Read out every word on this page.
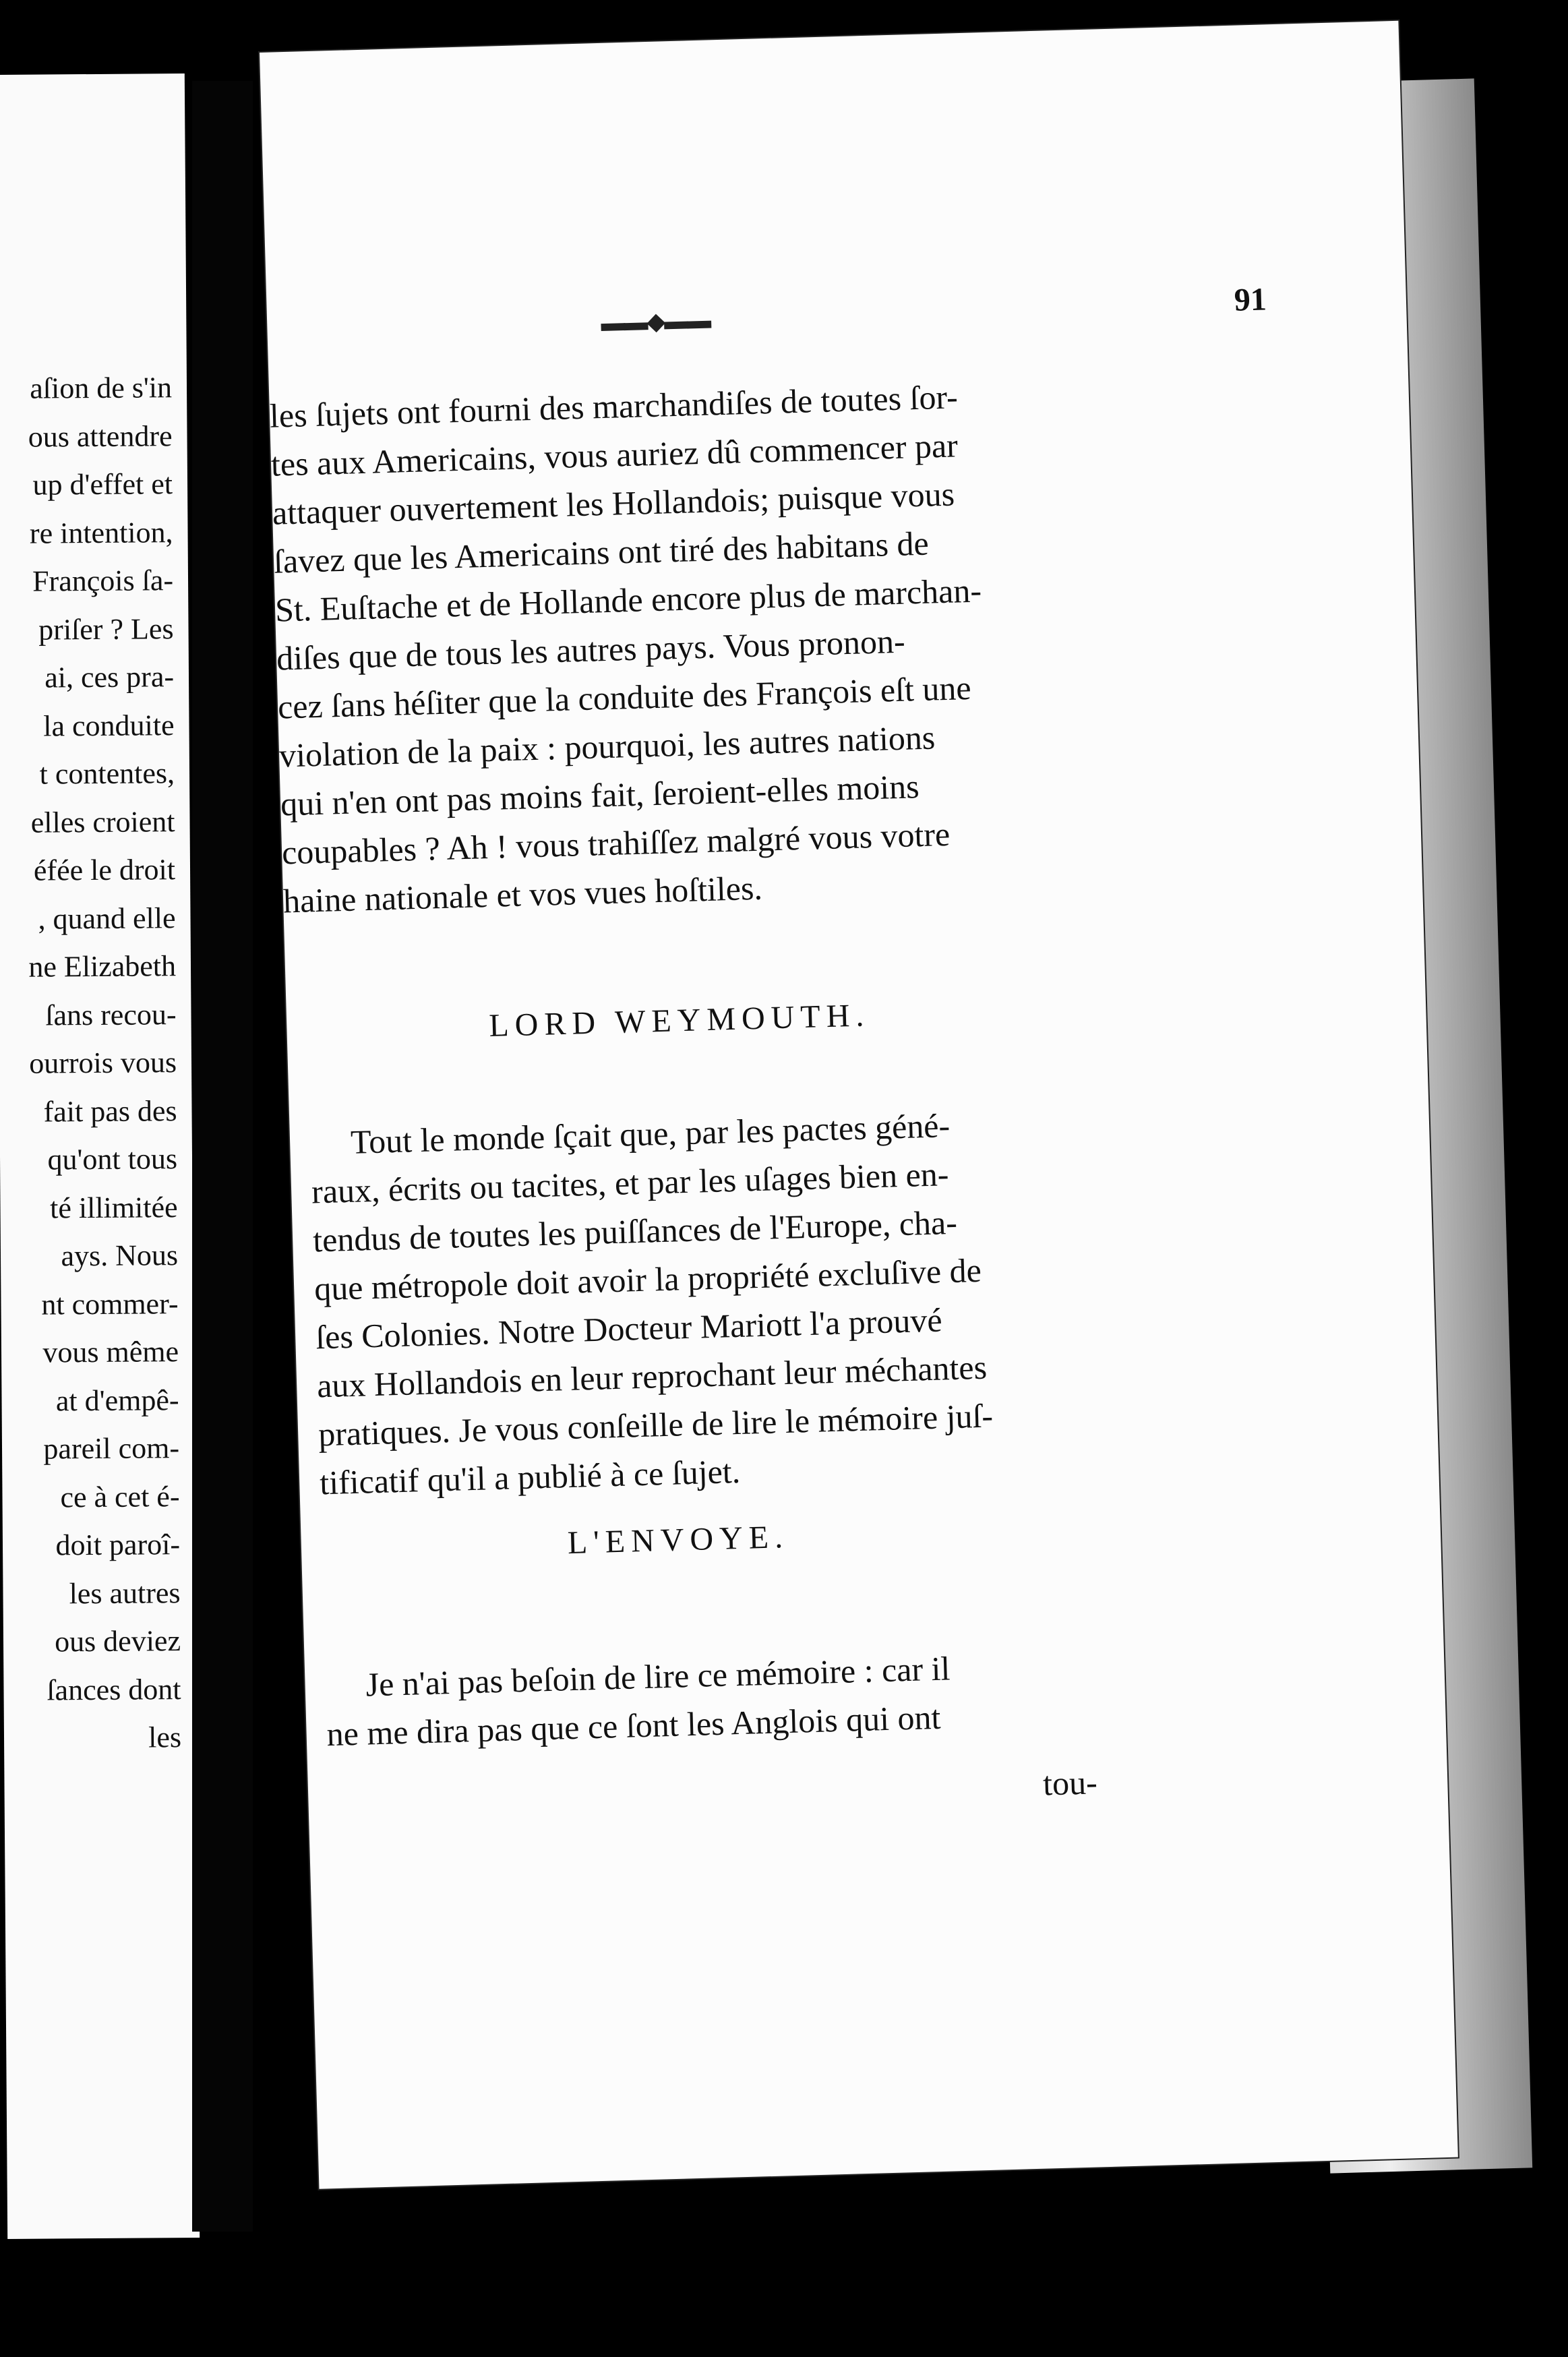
aſion de s'in
ous attendre
up d'effet et
re intention,
François ſa-
priſer ? Les
ai, ces pra-
la conduite
t contentes,
elles croient
éfée le droit
, quand elle
ne Elizabeth
ſans recou-
ourrois vous
fait pas des
qu'ont tous
té illimitée
ays. Nous
nt commer-
vous même
at d'empê-
pareil com-
ce à cet é-
doit paroî-
les autres
ous deviez
ſances dont
les
▬▬◆▬▬
91
les ſujets ont fourni des marchandiſes de toutes ſor-
tes aux Americains, vous auriez dû commencer par
attaquer ouvertement les Hollandois; puisque vous
ſavez que les Americains ont tiré des habitans de
St. Euſtache et de Hollande encore plus de marchan-
diſes que de tous les autres pays. Vous pronon-
cez ſans héſiter que la conduite des François eſt une
violation de la paix : pourquoi, les autres nations
qui n'en ont pas moins fait, ſeroient-elles moins
coupables ? Ah ! vous trahiſſez malgré vous votre
haine nationale et vos vues hoſtiles.
LORD WEYMOUTH.
Tout le monde ſçait que, par les pactes géné-
raux, écrits ou tacites, et par les uſages bien en-
tendus de toutes les puiſſances de l'Europe, cha-
que métropole doit avoir la propriété excluſive de
ſes Colonies. Notre Docteur Mariott l'a prouvé
aux Hollandois en leur reprochant leur méchantes
pratiques. Je vous conſeille de lire le mémoire juſ-
tificatif qu'il a publié à ce ſujet.
L'ENVOYE.
Je n'ai pas beſoin de lire ce mémoire : car il
ne me dira pas que ce ſont les Anglois qui ont
tou-
